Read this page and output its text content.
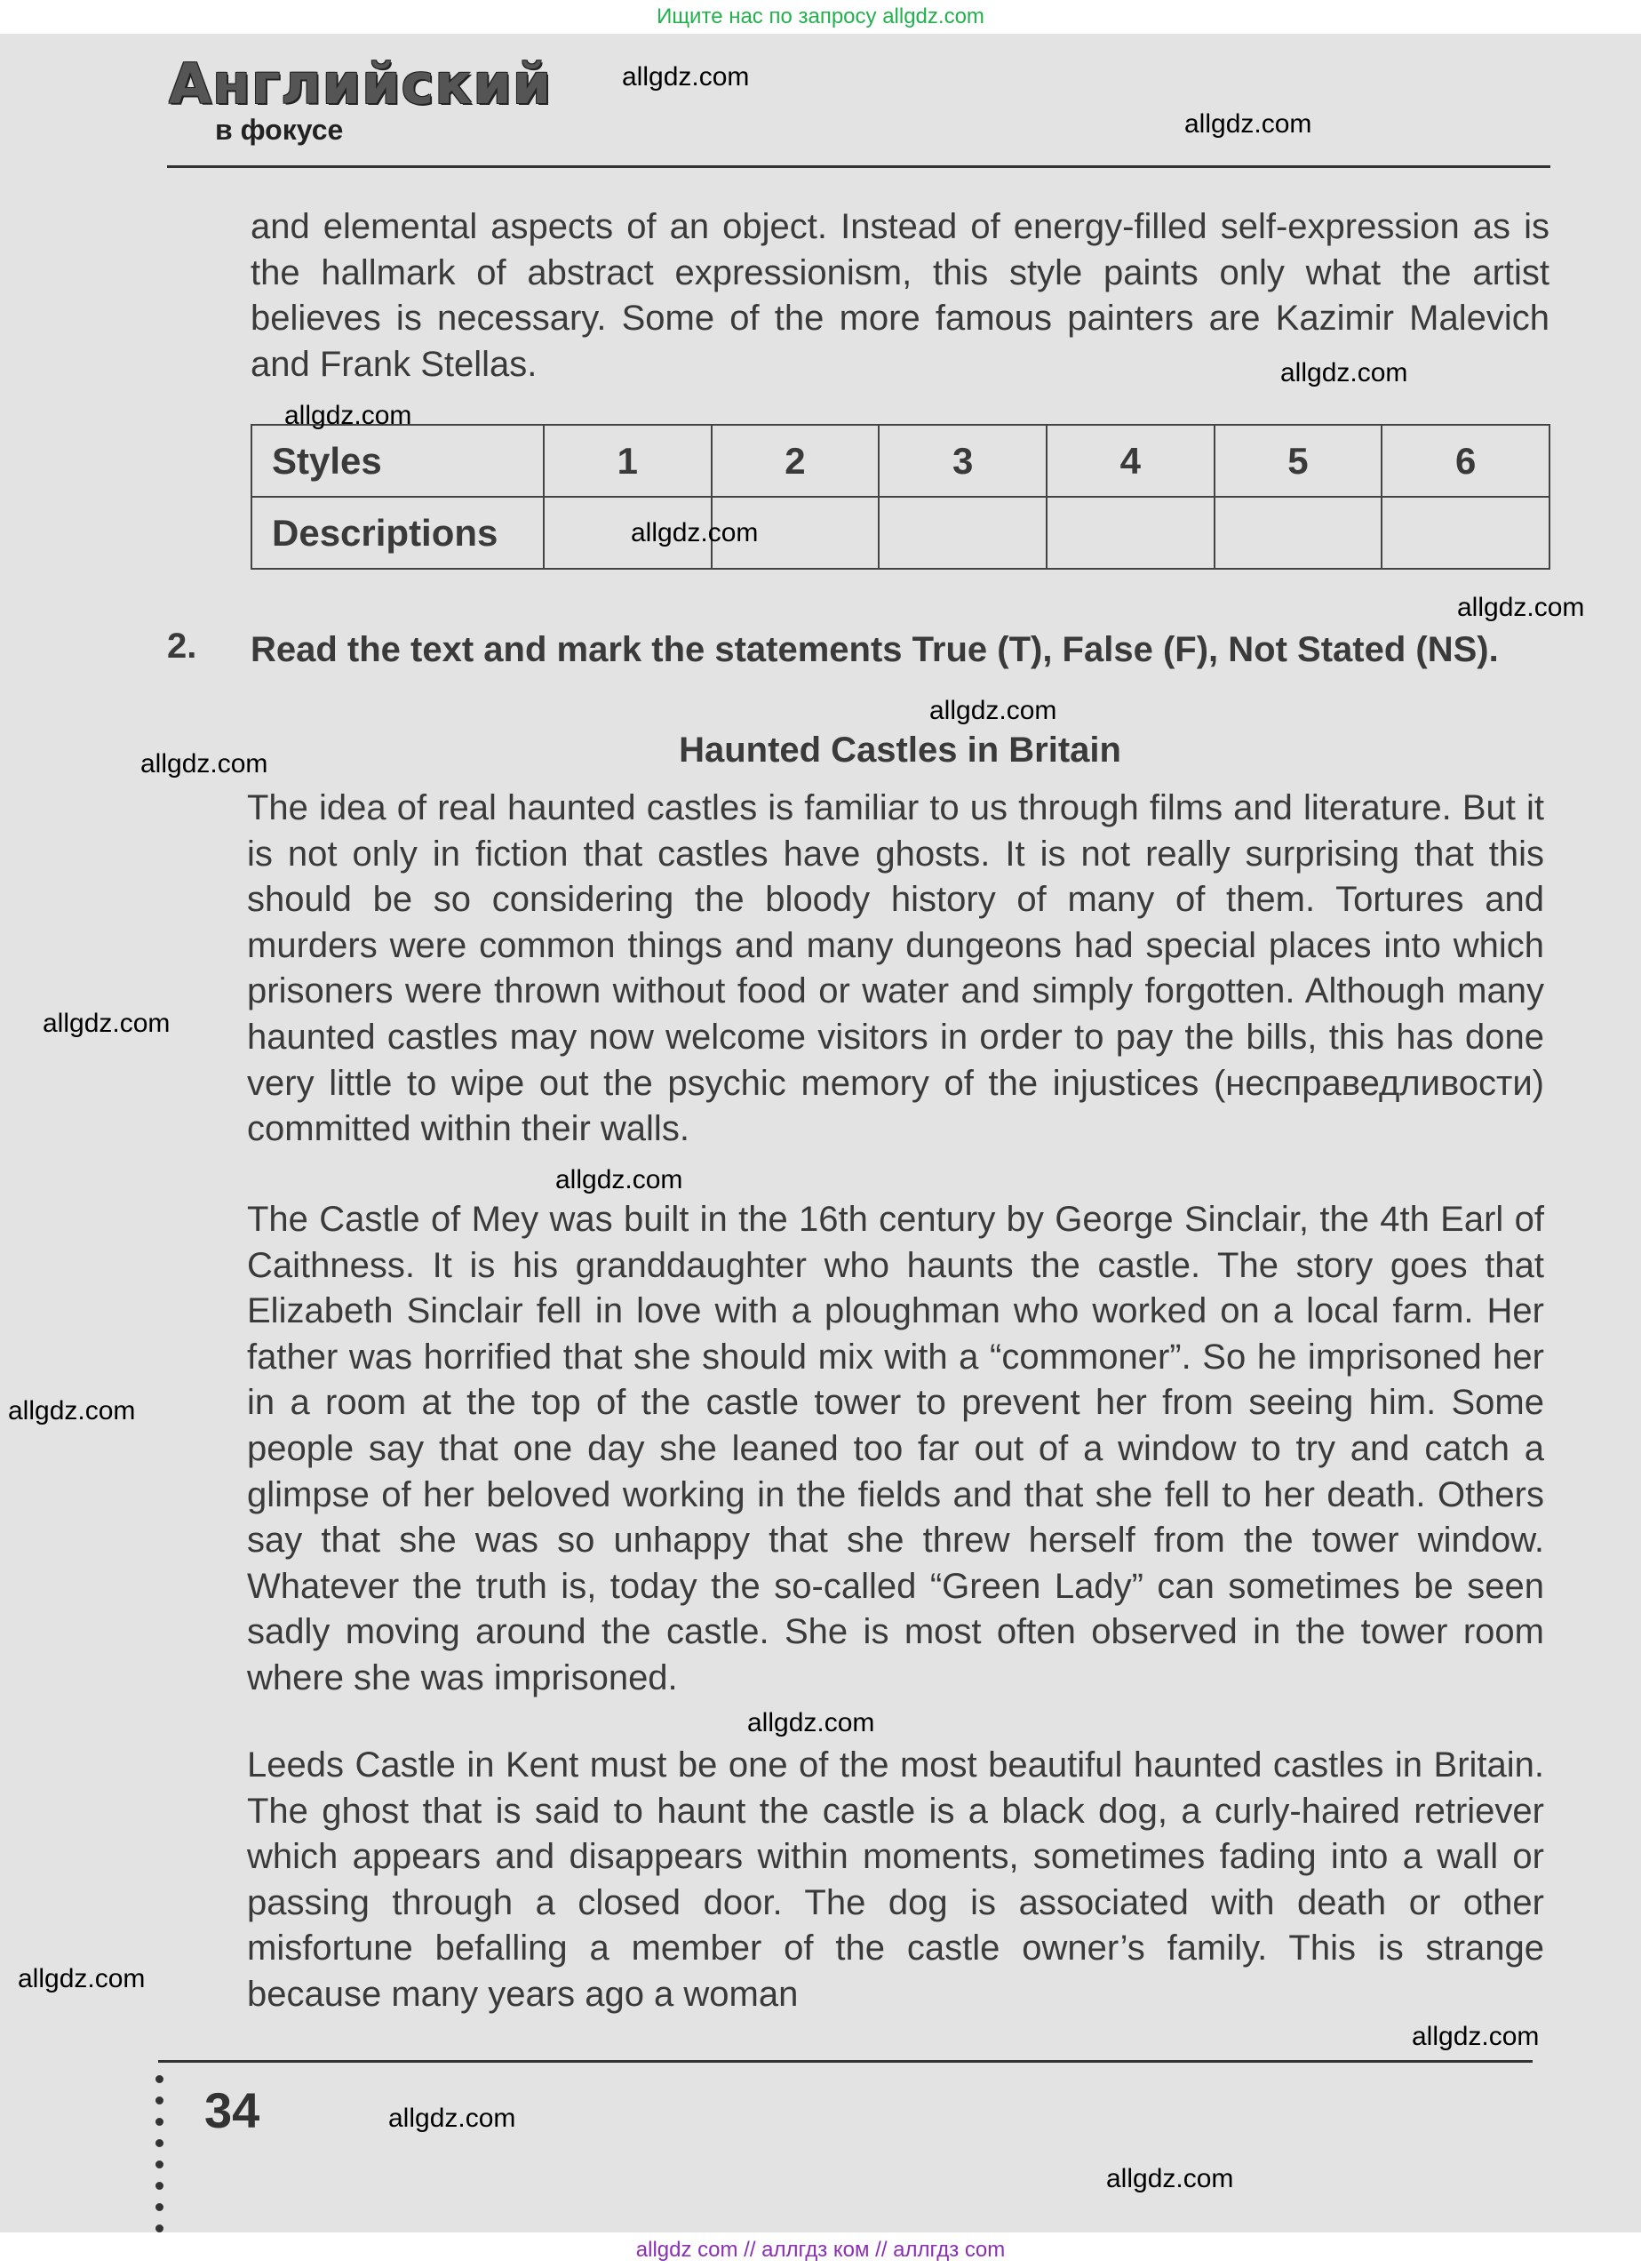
Ищите нас по запросу allgdz.com
Английский
в фокусе

and elemental aspects of an object. Instead of energy-filled self-expression as is the hallmark of abstract expressionism, this style paints only what the artist believes is necessary. Some of the more famous painters are Kazimir Malevich and Frank Stellas.

Styles	1	2	3	4	5	6
Descriptions						
2. Read the text and mark the statements True (T), False (F), Not Stated (NS).

Haunted Castles in Britain

The idea of real haunted castles is familiar to us through films and literature. But it is not only in fiction that castles have ghosts. It is not really surprising that this should be so considering the bloody history of many of them. Tortures and murders were common things and many dungeons had special places into which prisoners were thrown without food or water and simply forgotten. Although many haunted castles may now welcome visitors in order to pay the bills, this has done very little to wipe out the psychic memory of the injustices (несправедливости) committed within their walls.

The Castle of Mey was built in the 16th century by George Sinclair, the 4th Earl of Caithness. It is his granddaughter who haunts the castle. The story goes that Elizabeth Sinclair fell in love with a ploughman who worked on a local farm. Her father was horrified that she should mix with a “commoner”. So he imprisoned her in a room at the top of the castle tower to prevent her from seeing him. Some people say that one day she leaned too far out of a window to try and catch a glimpse of her beloved working in the fields and that she fell to her death. Others say that she was so unhappy that she threw herself from the tower window. Whatever the truth is, today the so-called “Green Lady” can sometimes be seen sadly moving around the castle. She is most often observed in the tower room where she was imprisoned.

Leeds Castle in Kent must be one of the most beautiful haunted castles in Britain. The ghost that is said to haunt the castle is a black dog, a curly-haired retriever which appears and disappears within moments, sometimes fading into a wall or passing through a closed door. The dog is associated with death or other misfortune befalling a member of the castle owner’s family. This is strange because many years ago a woman

34
allgdz.com
allgdz.com
allgdz.com
allgdz.com
allgdz.com
allgdz.com
allgdz.com
allgdz.com
allgdz.com
allgdz.com
allgdz.com
allgdz.com
allgdz.com
allgdz.com
allgdz.com
allgdz.com
allgdz com // аллгдз ком // аллгдз com
